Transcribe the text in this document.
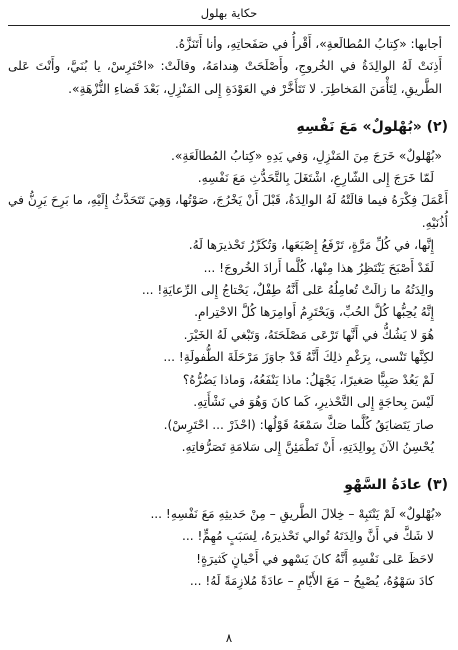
حكاية بهلول

أجابها: «كِتابُ المُطالَعةِ»، أَقْرأُ في صَفَحاتِهِ، وأنا أَتَنَزَّهُ.

أَذِنَتْ لَهُ الوالِدَةُ في الخُروجِ، وأَصْلَحَتْ هِندامَهُ، وقالَتْ: «احْتَرِسْ، يا بُنَيَّ، وأَنْتَ عَلى الطَّريقِ، لِتَأْمَنَ المَخاطِرَ. لا تَتَأَخَّرْ في العَوْدَةِ إِلى المَنْزِلِ، بَعْدَ قَضاءِ النُّزْهَةِ».

(٢) «بُهْلولٌ» مَعَ نَفْسِهِ

«بُهْلولٌ» خَرَجَ مِنَ المَنْزِلِ، وَفي يَدِهِ «كِتابُ المُطالَعَةِ».

لَمّا خَرَجَ إِلى الشّارِعِ، اشْتَغَلَ بِالتَّحَدُّثِ مَعَ نَفْسِهِ.

أَعْمَلَ فِكْرَهُ فيما قالَتْهُ لَهُ الوالِدَةُ، قَبْلَ أَنْ يَخْرُجَ، صَوْتُها، وَهِيَ تَتَحَدَّثُ إِلَيْهِ، ما بَرِحَ يَرِنُّ في أُذُنَيْهِ.

إِنَّها، في كُلِّ مَرَّةٍ، تَرْفَعُ إِصْبَعَها، وَتُكَرِّرُ تَحْذيرَها لَهُ.

لَقَدْ أَصْبَحَ يَنْتَظِرُ هذا مِنْها، كُلَّما أَرادَ الخُروجَ! ...

والِدَتُهُ ما زالَتْ تُعامِلُهُ عَلى أَنَّهُ طِفْلٌ، يَحْتاجُ إِلى الرِّعايَةِ! ...

إِنَّهُ يُحِبُّها كُلَّ الحُبِّ، وَيَحْتَرِمُ أَوامِرَها كُلَّ الاحْتِرامِ.

هُوَ لا يَشُكُّ في أَنَّها تَرْعَى مَصْلَحَتَهُ، وَتَبْغي لَهُ الخَيْرَ.

لكِنَّها تَنْسى، بِرَغْمِ ذلِكَ أَنَّهُ قَدْ جاوَزَ مَرْحَلَةَ الطُّفولَةِ! ...

لَمْ يَعُدْ صَبِيًّا صَغيرًا، يَجْهَلُ: ماذا يَنْفَعُهُ، وَماذا يَضُرُّهُ؟

لَيْسَ بِحاجَةٍ إِلى التَّحْذيرِ، كَما كانَ وَهُوَ في نَشْأَتِهِ.

صارَ يَتَضايَقُ كُلَّما صَكَّ سَمْعَهُ قَوْلُها: (احْذَرْ ... احْتَرِسْ).

يُحْسِنُ الآنَ بِوالِدَتِهِ، أَنْ تَطْمَئِنَّ إِلى سَلامَةِ تَصَرُّفاتِهِ.

(٣) عادَةُ السَّهْوِ

«بُهْلولٌ» لَمْ يَنْتَبِهْ – خِلالَ الطَّريقِ – مِنْ حَديثِهِ مَعَ نَفْسِهِ! ...

لا شَكَّ في أَنَّ والِدَتَهُ تُوالي تَحْذيرَهُ، لِسَبَبٍ مُهِمٍّ! ...

لاحَظَ عَلى نَفْسِهِ أَنَّهُ كانَ يَسْهو في أَحْيانٍ كَثيرَةٍ!

كادَ سَهْوُهُ، يُصْبِحُ – مَعَ الأَيّامِ – عادَةً مُلازِمَةً لَهُ! ...

٨
